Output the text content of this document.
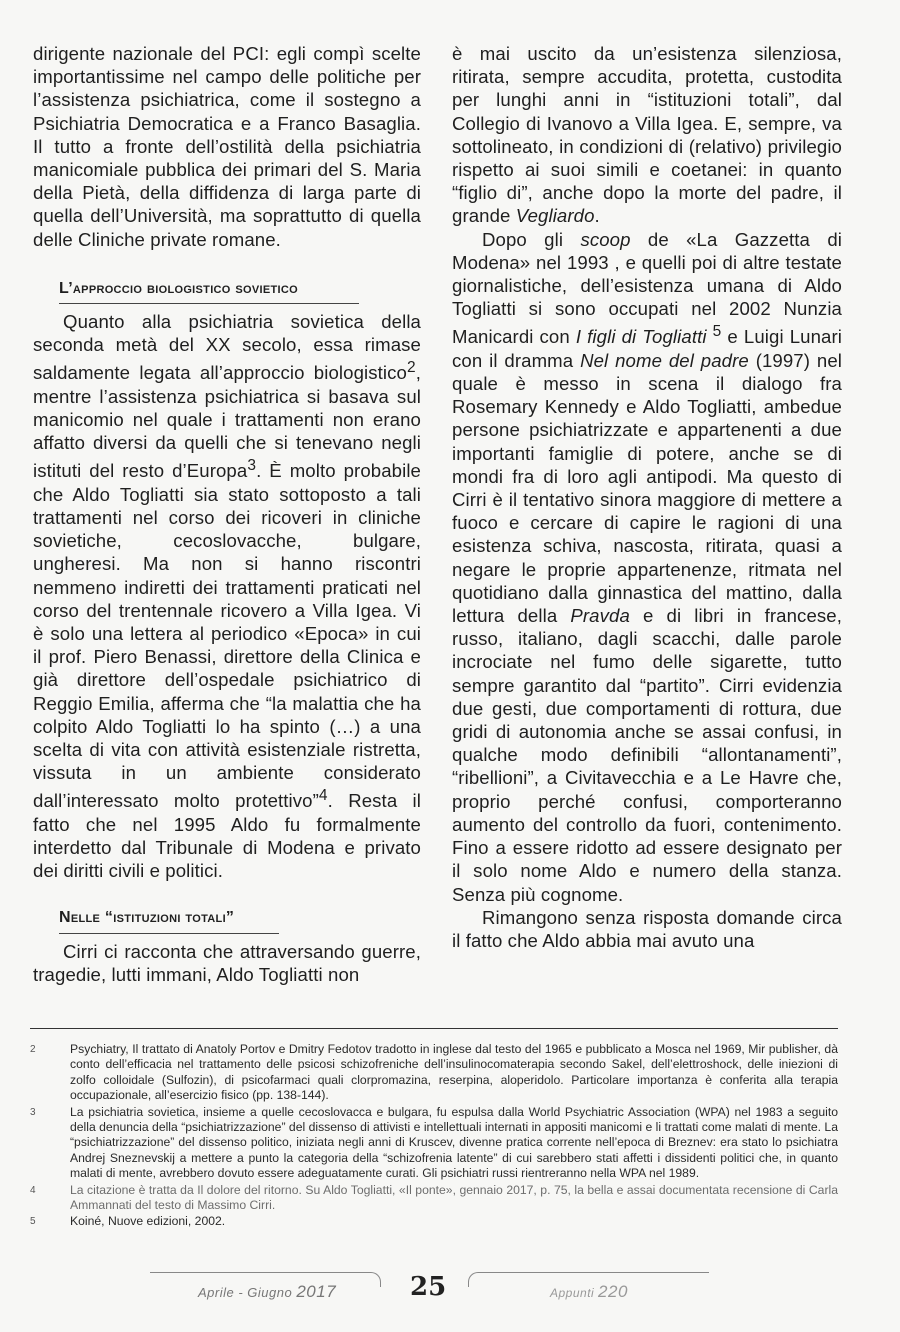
dirigente nazionale del PCI: egli compì scelte importantissime nel campo delle politiche per l’assistenza psichiatrica, come il sostegno a Psichiatria Democratica e a Franco Basaglia. Il tutto a fronte dell’ostilità della psichiatria manicomiale pubblica dei primari del S. Maria della Pietà, della diffidenza di larga parte di quella dell’Università, ma soprattutto di quella delle Cliniche private romane.

L’approccio biologistico sovietico

Quanto alla psichiatria sovietica della seconda metà del XX secolo, essa rimase saldamente legata all’approccio biologistico$^2$, mentre l’assistenza psichiatrica si basava sul manicomio nel quale i trattamenti non erano affatto diversi da quelli che si tenevano negli istituti del resto d’Europa$^3$. È molto probabile che Aldo Togliatti sia stato sottoposto a tali trattamenti nel corso dei ricoveri in cliniche sovietiche, cecoslovacche, bulgare, ungheresi. Ma non si hanno riscontri nemmeno indiretti dei trattamenti praticati nel corso del trentennale ricovero a Villa Igea. Vi è solo una lettera al periodico «Epoca» in cui il prof. Piero Benassi, direttore della Clinica e già direttore dell’ospedale psichiatrico di Reggio Emilia, afferma che “la malattia che ha colpito Aldo Togliatti lo ha spinto (…) a una scelta di vita con attività esistenziale ristretta, vissuta in un ambiente considerato dall’interessato molto protettivo”$^4$. Resta il fatto che nel 1995 Aldo fu formalmente interdetto dal Tribunale di Modena e privato dei diritti civili e politici.

Nelle “istituzioni totali”

Cirri ci racconta che attraversando guerre, tragedie, lutti immani, Aldo Togliatti non

è mai uscito da un’esistenza silenziosa, ritirata, sempre accudita, protetta, custodita per lunghi anni in “istituzioni totali”, dal Collegio di Ivanovo a Villa Igea. E, sempre, va sottolineato, in condizioni di (relativo) privilegio rispetto ai suoi simili e coetanei: in quanto “figlio di”, anche dopo la morte del padre, il grande Vegliardo.

Dopo gli scoop de «La Gazzetta di Modena» nel 1993 , e quelli poi di altre testate giornalistiche, dell’esistenza umana di Aldo Togliatti si sono occupati nel 2002 Nunzia Manicardi con I figli di Togliatti $^5$ e Luigi Lunari con il dramma Nel nome del padre (1997) nel quale è messo in scena il dialogo fra Rosemary Kennedy e Aldo Togliatti, ambedue persone psichiatrizzate e appartenenti a due importanti famiglie di potere, anche se di mondi fra di loro agli antipodi. Ma questo di Cirri è il tentativo sinora maggiore di mettere a fuoco e cercare di capire le ragioni di una esistenza schiva, nascosta, ritirata, quasi a negare le proprie appartenenze, ritmata nel quotidiano dalla ginnastica del mattino, dalla lettura della Pravda e di libri in francese, russo, italiano, dagli scacchi, dalle parole incrociate nel fumo delle sigarette, tutto sempre garantito dal “partito”. Cirri evidenzia due gesti, due comportamenti di rottura, due gridi di autonomia anche se assai confusi, in qualche modo definibili “allontanamenti”, “ribellioni”, a Civitavecchia e a Le Havre che, proprio perché confusi, comporteranno aumento del controllo da fuori, contenimento. Fino a essere ridotto ad essere designato per il solo nome Aldo e numero della stanza. Senza più cognome.

Rimangono senza risposta domande circa il fatto che Aldo abbia mai avuto una

2	Psychiatry, Il trattato di Anatoly Portov e Dmitry Fedotov tradotto in inglese dal testo del 1965 e pubblicato a Mosca nel 1969, Mir publisher, dà conto dell’efficacia nel trattamento delle psicosi schizofreniche dell’insulinocomaterapia secondo Sakel, dell’elettroshock, delle iniezioni di zolfo colloidale (Sulfozin), di psicofarmaci quali clorpromazina, reserpina, aloperidolo. Particolare importanza è conferita alla terapia occupazionale, all’esercizio fisico (pp. 138-144).
3	La psichiatria sovietica, insieme a quelle cecoslovacca e bulgara, fu espulsa dalla World Psychiatric Association (WPA) nel 1983 a seguito della denuncia della “psichiatrizzazione” del dissenso di attivisti e intellettuali internati in appositi manicomi e li trattati come malati di mente. La “psichiatrizzazione” del dissenso politico, iniziata negli anni di Kruscev, divenne pratica corrente nell’epoca di Breznev: era stato lo psichiatra Andrej Sneznevskij a mettere a punto la categoria della “schizofrenia latente” di cui sarebbero stati affetti i dissidenti politici che, in quanto malati di mente, avrebbero dovuto essere adeguatamente curati. Gli psichiatri russi rientreranno nella WPA nel 1989.
4	La citazione è tratta da Il dolore del ritorno. Su Aldo Togliatti, «Il ponte», gennaio 2017, p. 75, la bella e assai documentata recensione di Carla Ammannati del testo di Massimo Cirri.
5	Koiné, Nuove edizioni, 2002.
Aprile - Giugno 2017	25	Appunti 220
